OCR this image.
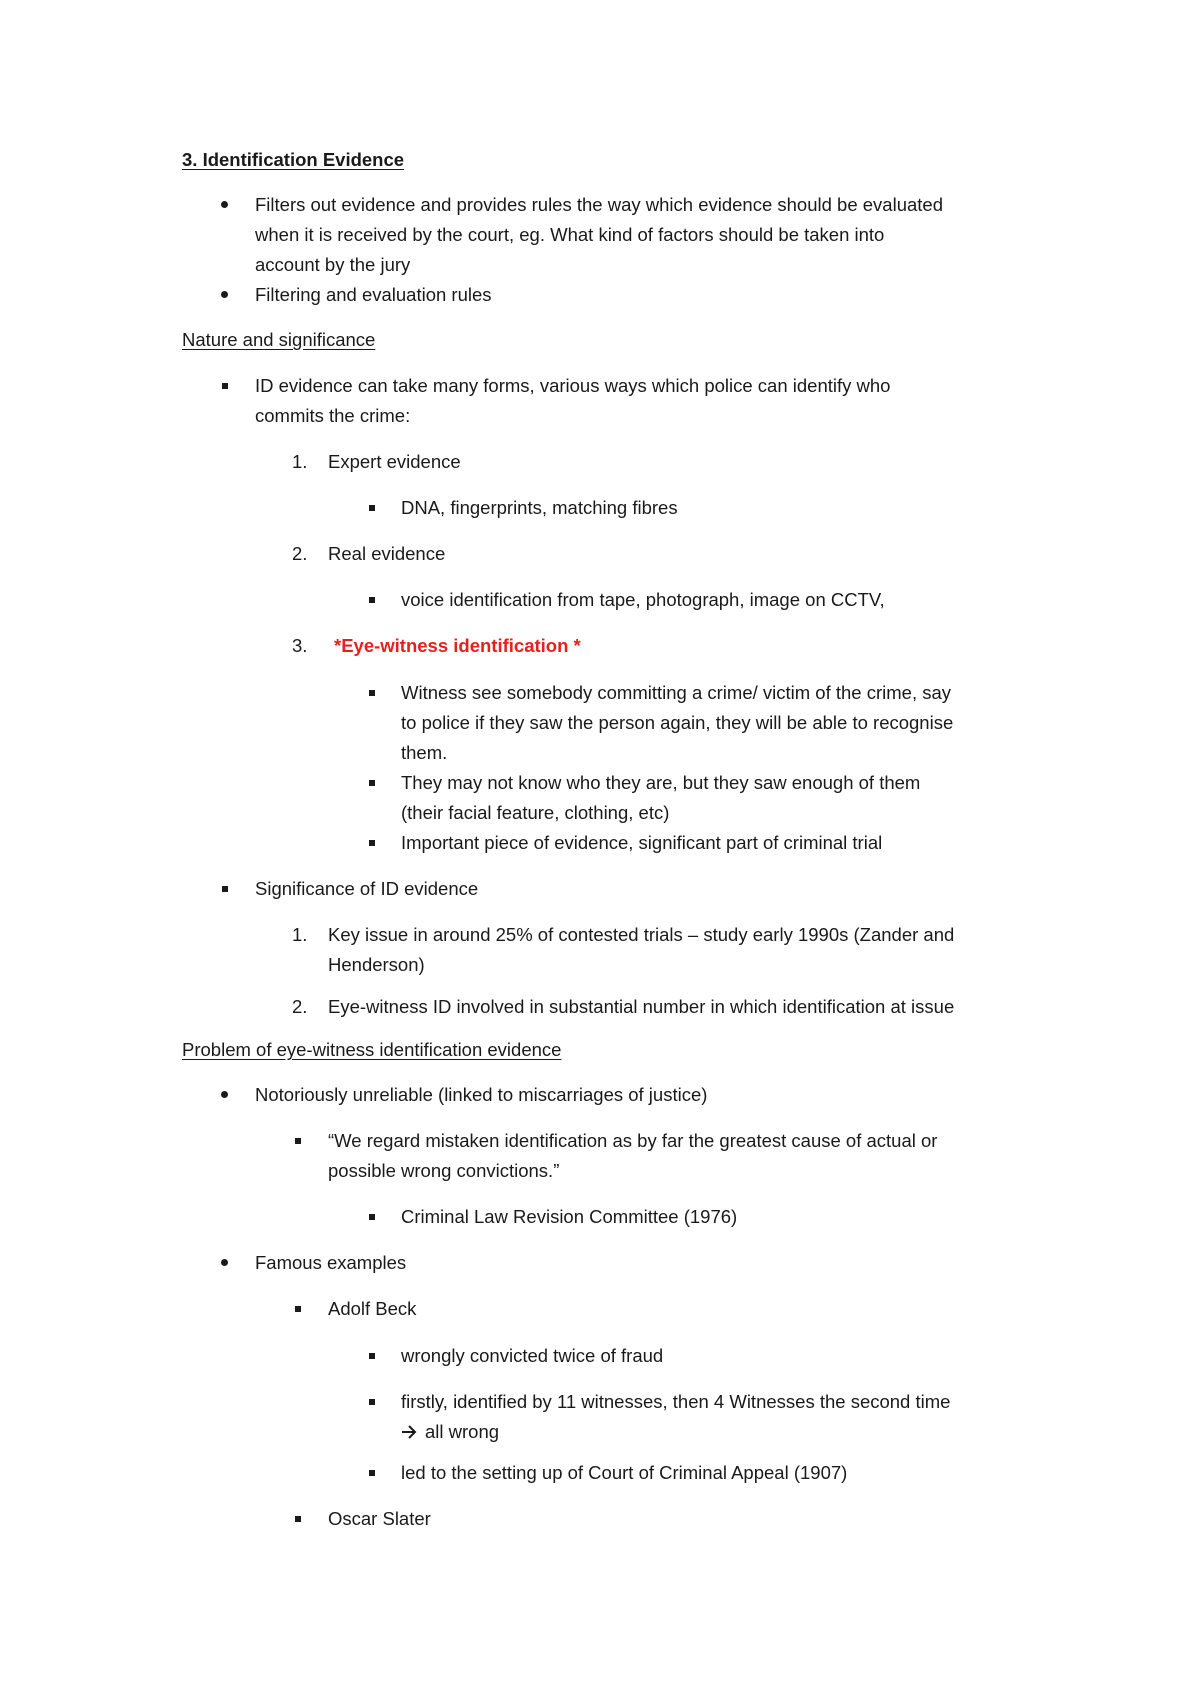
3. Identification Evidence
Filters out evidence and provides rules the way which evidence should be evaluated
when it is received by the court, eg. What kind of factors should be taken into
account by the jury
Filtering and evaluation rules
Nature and significance
ID evidence can take many forms, various ways which police can identify who
commits the crime:
1. Expert evidence
DNA, fingerprints, matching fibres
2. Real evidence
voice identification from tape, photograph, image on CCTV,
3. *Eye-witness identification *
Witness see somebody committing a crime/ victim of the crime, say
to police if they saw the person again, they will be able to recognise
them.
They may not know who they are, but they saw enough of them
(their facial feature, clothing, etc)
Important piece of evidence, significant part of criminal trial
Significance of ID evidence
1. Key issue in around 25% of contested trials – study early 1990s (Zander and
Henderson)
2. Eye-witness ID involved in substantial number in which identification at issue
Problem of eye-witness identification evidence
Notoriously unreliable (linked to miscarriages of justice)
“We regard mistaken identification as by far the greatest cause of actual or
possible wrong convictions.”
Criminal Law Revision Committee (1976)
Famous examples
Adolf Beck
wrongly convicted twice of fraud
firstly, identified by 11 witnesses, then 4 Witnesses the second time
all wrong
led to the setting up of Court of Criminal Appeal (1907)
Oscar Slater
